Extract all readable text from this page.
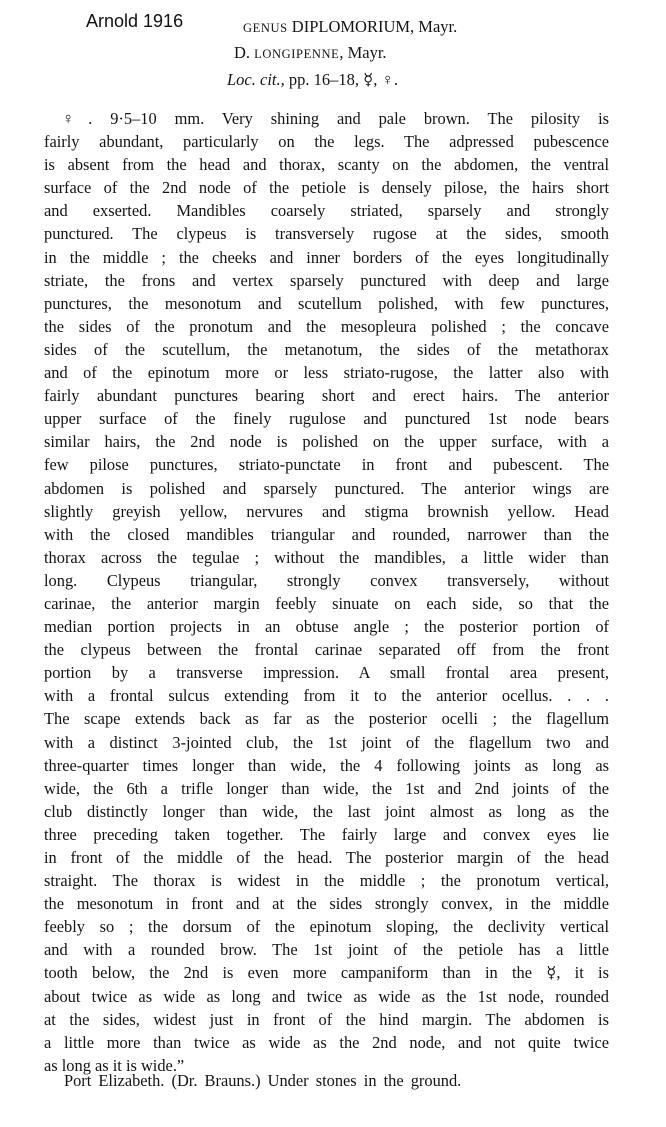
Arnold 1916	GENUS DIPLOMORIUM, Mayr.
D. LONGIPENNE, Mayr.
Loc. cit., pp. 16–18, ☿, ♀.
♀. 9·5–10 mm. Very shining and pale brown. The pilosity is
fairly abundant, particularly on the legs. The adpressed pubescence
is absent from the head and thorax, scanty on the abdomen, the ventral
surface of the 2nd node of the petiole is densely pilose, the hairs short
and exserted. Mandibles coarsely striated, sparsely and strongly
punctured. The clypeus is transversely rugose at the sides, smooth
in the middle ; the cheeks and inner borders of the eyes longitudinally
striate, the frons and vertex sparsely punctured with deep and large
punctures, the mesonotum and scutellum polished, with few punctures,
the sides of the pronotum and the mesopleura polished ; the concave
sides of the scutellum, the metanotum, the sides of the metathorax
and of the epinotum more or less striato-rugose, the latter also with
fairly abundant punctures bearing short and erect hairs. The anterior
upper surface of the finely rugulose and punctured 1st node bears
similar hairs, the 2nd node is polished on the upper surface, with a
few pilose punctures, striato-punctate in front and pubescent. The
abdomen is polished and sparsely punctured. The anterior wings are
slightly greyish yellow, nervures and stigma brownish yellow. Head
with the closed mandibles triangular and rounded, narrower than the
thorax across the tegulae ; without the mandibles, a little wider than
long. Clypeus triangular, strongly convex transversely, without
carinae, the anterior margin feebly sinuate on each side, so that the
median portion projects in an obtuse angle ; the posterior portion of
the clypeus between the frontal carinae separated off from the front
portion by a transverse impression. A small frontal area present,
with a frontal sulcus extending from it to the anterior ocellus. . . .
The scape extends back as far as the posterior ocelli ; the flagellum
with a distinct 3-jointed club, the 1st joint of the flagellum two and
three-quarter times longer than wide, the 4 following joints as long as
wide, the 6th a trifle longer than wide, the 1st and 2nd joints of the
club distinctly longer than wide, the last joint almost as long as the
three preceding taken together. The fairly large and convex eyes lie
in front of the middle of the head. The posterior margin of the head
straight. The thorax is widest in the middle ; the pronotum vertical,
the mesonotum in front and at the sides strongly convex, in the middle
feebly so ; the dorsum of the epinotum sloping, the declivity vertical
and with a rounded brow. The 1st joint of the petiole has a little
tooth below, the 2nd is even more campaniform than in the ☿, it is
about twice as wide as long and twice as wide as the 1st node, rounded
at the sides, widest just in front of the hind margin. The abdomen is
a little more than twice as wide as the 2nd node, and not quite twice
as long as it is wide.”
Port Elizabeth. (Dr. Brauns.) Under stones in the ground.
